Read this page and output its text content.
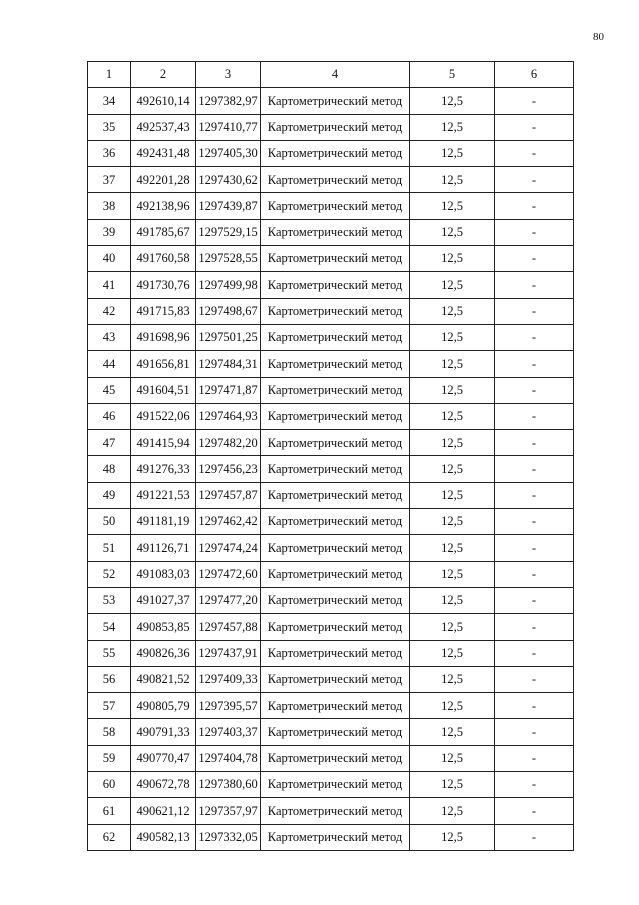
80
1	2	3	4	5	6
34	492610,14	1297382,97	Картометрический метод	12,5	-
35	492537,43	1297410,77	Картометрический метод	12,5	-
36	492431,48	1297405,30	Картометрический метод	12,5	-
37	492201,28	1297430,62	Картометрический метод	12,5	-
38	492138,96	1297439,87	Картометрический метод	12,5	-
39	491785,67	1297529,15	Картометрический метод	12,5	-
40	491760,58	1297528,55	Картометрический метод	12,5	-
41	491730,76	1297499,98	Картометрический метод	12,5	-
42	491715,83	1297498,67	Картометрический метод	12,5	-
43	491698,96	1297501,25	Картометрический метод	12,5	-
44	491656,81	1297484,31	Картометрический метод	12,5	-
45	491604,51	1297471,87	Картометрический метод	12,5	-
46	491522,06	1297464,93	Картометрический метод	12,5	-
47	491415,94	1297482,20	Картометрический метод	12,5	-
48	491276,33	1297456,23	Картометрический метод	12,5	-
49	491221,53	1297457,87	Картометрический метод	12,5	-
50	491181,19	1297462,42	Картометрический метод	12,5	-
51	491126,71	1297474,24	Картометрический метод	12,5	-
52	491083,03	1297472,60	Картометрический метод	12,5	-
53	491027,37	1297477,20	Картометрический метод	12,5	-
54	490853,85	1297457,88	Картометрический метод	12,5	-
55	490826,36	1297437,91	Картометрический метод	12,5	-
56	490821,52	1297409,33	Картометрический метод	12,5	-
57	490805,79	1297395,57	Картометрический метод	12,5	-
58	490791,33	1297403,37	Картометрический метод	12,5	-
59	490770,47	1297404,78	Картометрический метод	12,5	-
60	490672,78	1297380,60	Картометрический метод	12,5	-
61	490621,12	1297357,97	Картометрический метод	12,5	-
62	490582,13	1297332,05	Картометрический метод	12,5	-
